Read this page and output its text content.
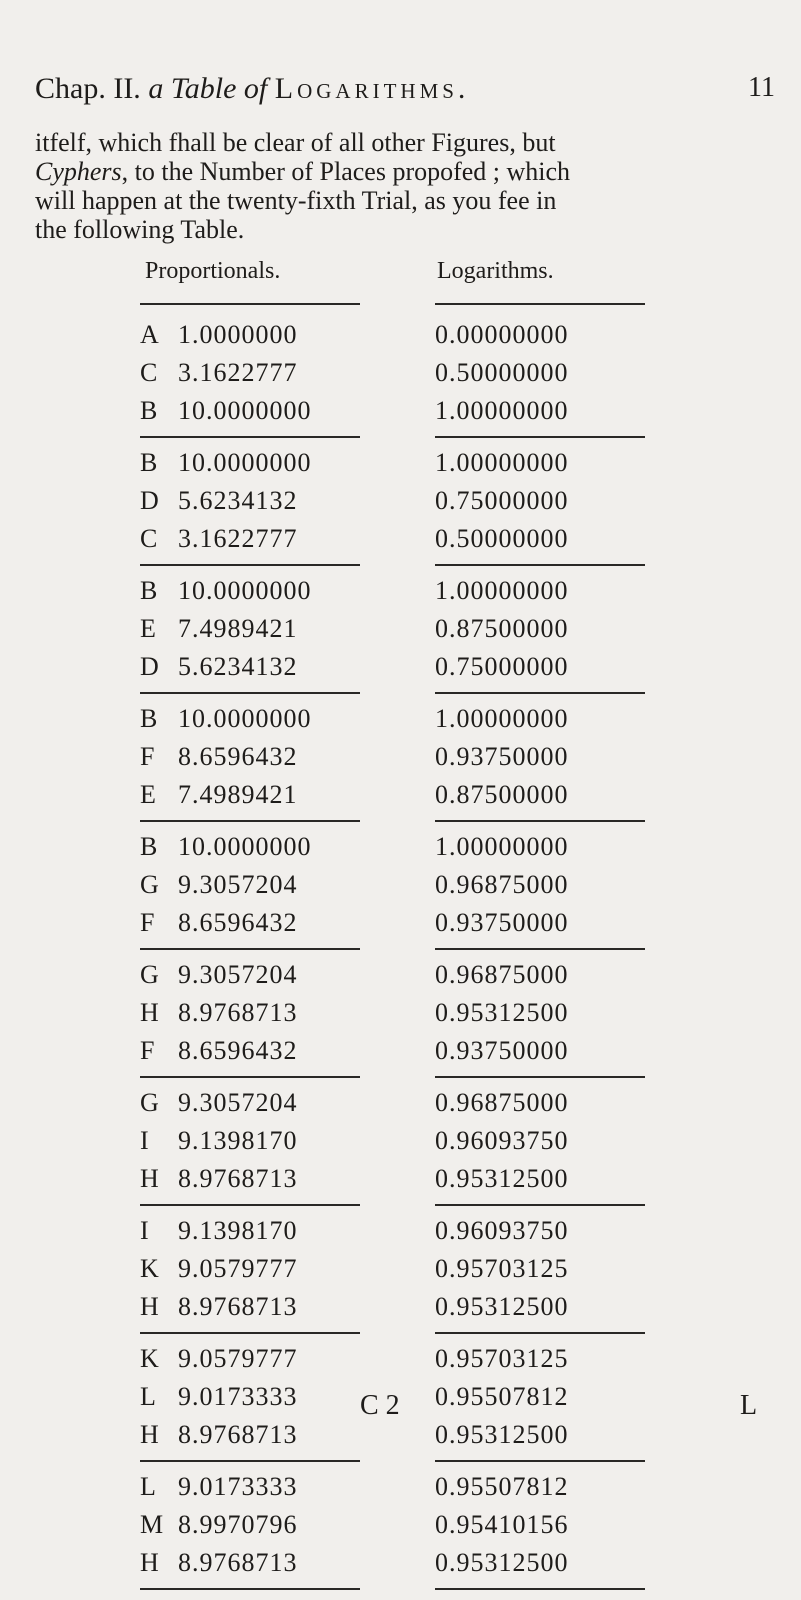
Chap. II. a Table of Logarithms.	11
itfelf, which fhall be clear of all other Figures, but
Cyphers, to the Number of Places propofed ; which
will happen at the twenty-fixth Trial, as you fee in
the following Table.
Proportionals.	Logarithms.
A 1.0000000	0.00000000
C 3.1622777	0.50000000
B 10.0000000	1.00000000
B 10.0000000	1.00000000
D 5.6234132	0.75000000
C 3.1622777	0.50000000
B 10.0000000	1.00000000
E 7.4989421	0.87500000
D 5.6234132	0.75000000
B 10.0000000	1.00000000
F 8.6596432	0.93750000
E 7.4989421	0.87500000
B 10.0000000	1.00000000
G 9.3057204	0.96875000
F 8.6596432	0.93750000
G 9.3057204	0.96875000
H 8.9768713	0.95312500
F 8.6596432	0.93750000
G 9.3057204	0.96875000
I	9.1398170	0.96093750
H 8.9768713	0.95312500
I	9.1398170	0.96093750
K 9.0579777	0.95703125
H 8.9768713	0.95312500
K 9.0579777	0.95703125
L 9.0173333	0.95507812
H 8.9768713	0.95312500
L 9.0173333	0.95507812
M 8.9970796	0.95410156
H 8.9768713	0.95312500
C 2	L
